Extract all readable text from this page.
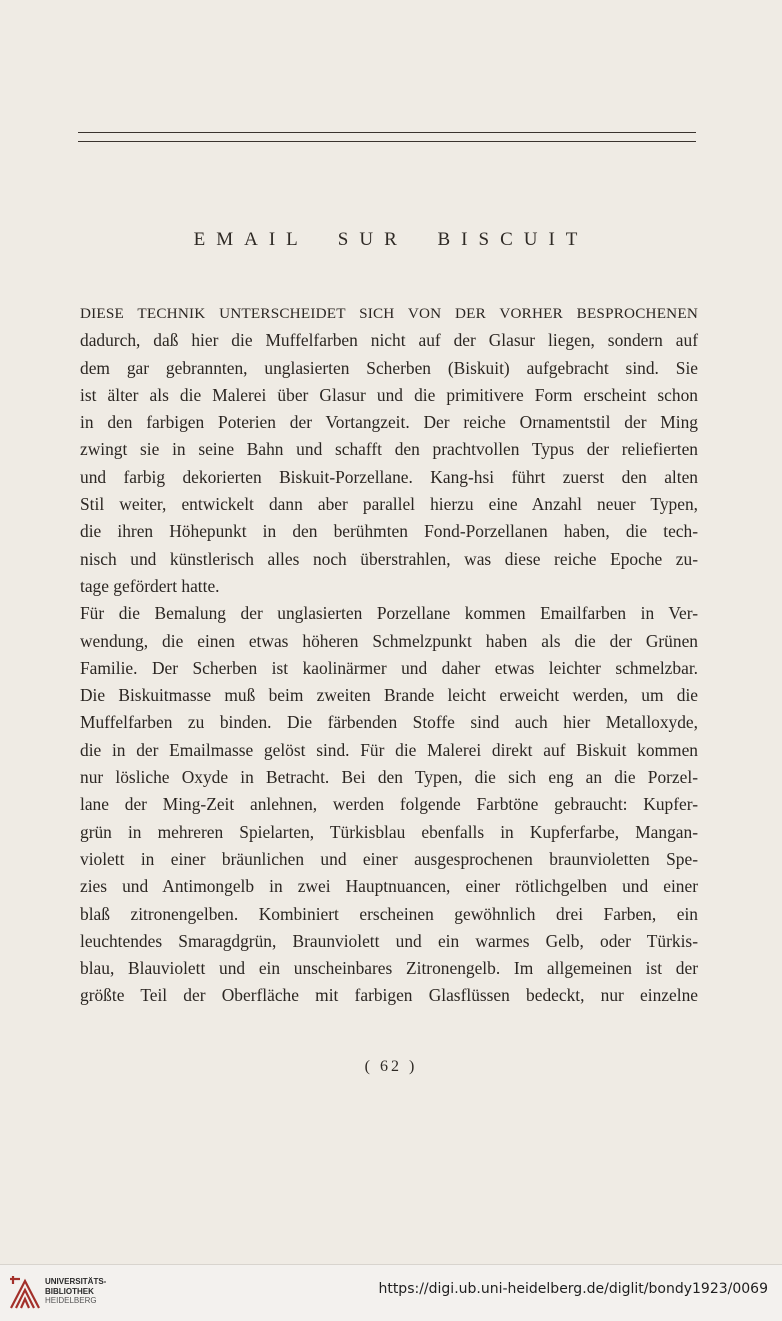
EMAIL SUR BISCUIT
DIESE TECHNIK UNTERSCHEIDET SICH VON DER VORHER BESPROCHENEN
dadurch, daß hier die Muffelfarben nicht auf der Glasur liegen, sondern auf
dem gar gebrannten, unglasierten Scherben (Biskuit) aufgebracht sind. Sie
ist älter als die Malerei über Glasur und die primitivere Form erscheint schon
in den farbigen Poterien der Vortangzeit. Der reiche Ornamentstil der Ming
zwingt sie in seine Bahn und schafft den prachtvollen Typus der reliefierten
und farbig dekorierten Biskuit-Porzellane. Kang-hsi führt zuerst den alten
Stil weiter, entwickelt dann aber parallel hierzu eine Anzahl neuer Typen,
die ihren Höhepunkt in den berühmten Fond-Porzellanen haben, die tech-
nisch und künstlerisch alles noch überstrahlen, was diese reiche Epoche zu-
tage gefördert hatte.
Für die Bemalung der unglasierten Porzellane kommen Emailfarben in Ver-
wendung, die einen etwas höheren Schmelzpunkt haben als die der Grünen
Familie. Der Scherben ist kaolinärmer und daher etwas leichter schmelzbar.
Die Biskuitmasse muß beim zweiten Brande leicht erweicht werden, um die
Muffelfarben zu binden. Die färbenden Stoffe sind auch hier Metalloxyde,
die in der Emailmasse gelöst sind. Für die Malerei direkt auf Biskuit kommen
nur lösliche Oxyde in Betracht. Bei den Typen, die sich eng an die Porzel-
lane der Ming-Zeit anlehnen, werden folgende Farbtöne gebraucht: Kupfer-
grün in mehreren Spielarten, Türkisblau ebenfalls in Kupferfarbe, Mangan-
violett in einer bräunlichen und einer ausgesprochenen braunvioletten Spe-
zies und Antimongelb in zwei Hauptnuancen, einer rötlichgelben und einer
blaß zitronengelben. Kombiniert erscheinen gewöhnlich drei Farben, ein
leuchtendes Smaragdgrün, Braunviolett und ein warmes Gelb, oder Türkis-
blau, Blauviolett und ein unscheinbares Zitronengelb. Im allgemeinen ist der
größte Teil der Oberfläche mit farbigen Glasflüssen bedeckt, nur einzelne
( 62 )
UNIVERSITÄTS-
BIBLIOTHEK
HEIDELBERG
https://digi.ub.uni-heidelberg.de/diglit/bondy1923/0069
